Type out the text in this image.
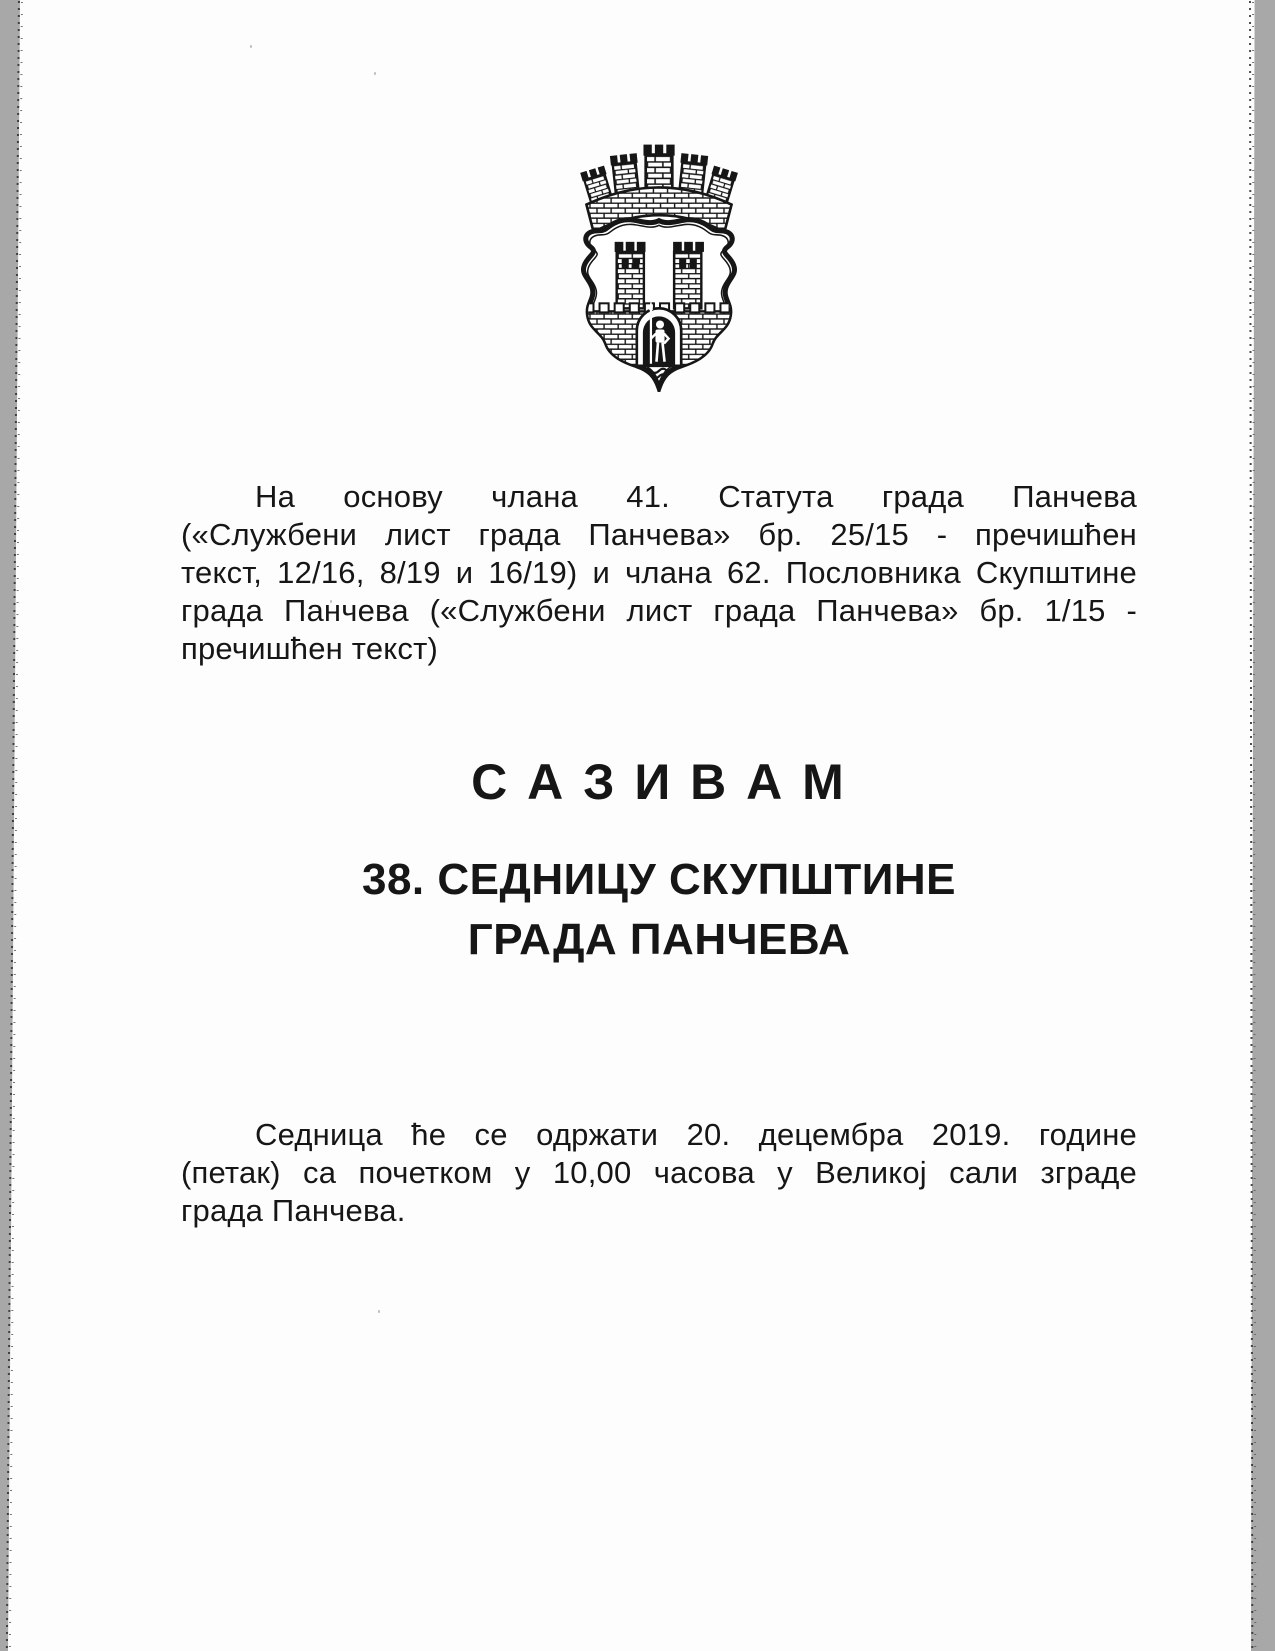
На основу члана 41. Статута града Панчева
(«Службени лист града Панчева» бр. 25/15 - пречишћен
текст, 12/16, 8/19 и 16/19) и члана 62. Пословника Скупштине
града Панчева («Службени лист града Панчева» бр. 1/15 -
пречишћен текст)

С А З И В А М
38. СЕДНИЦУ СКУПШТИНЕ
ГРАДА ПАНЧЕВА

Седница ће се одржати 20. децембра 2019. године
(петак) са почетком у 10,00 часова у Великој сали зграде
града Панчева.
